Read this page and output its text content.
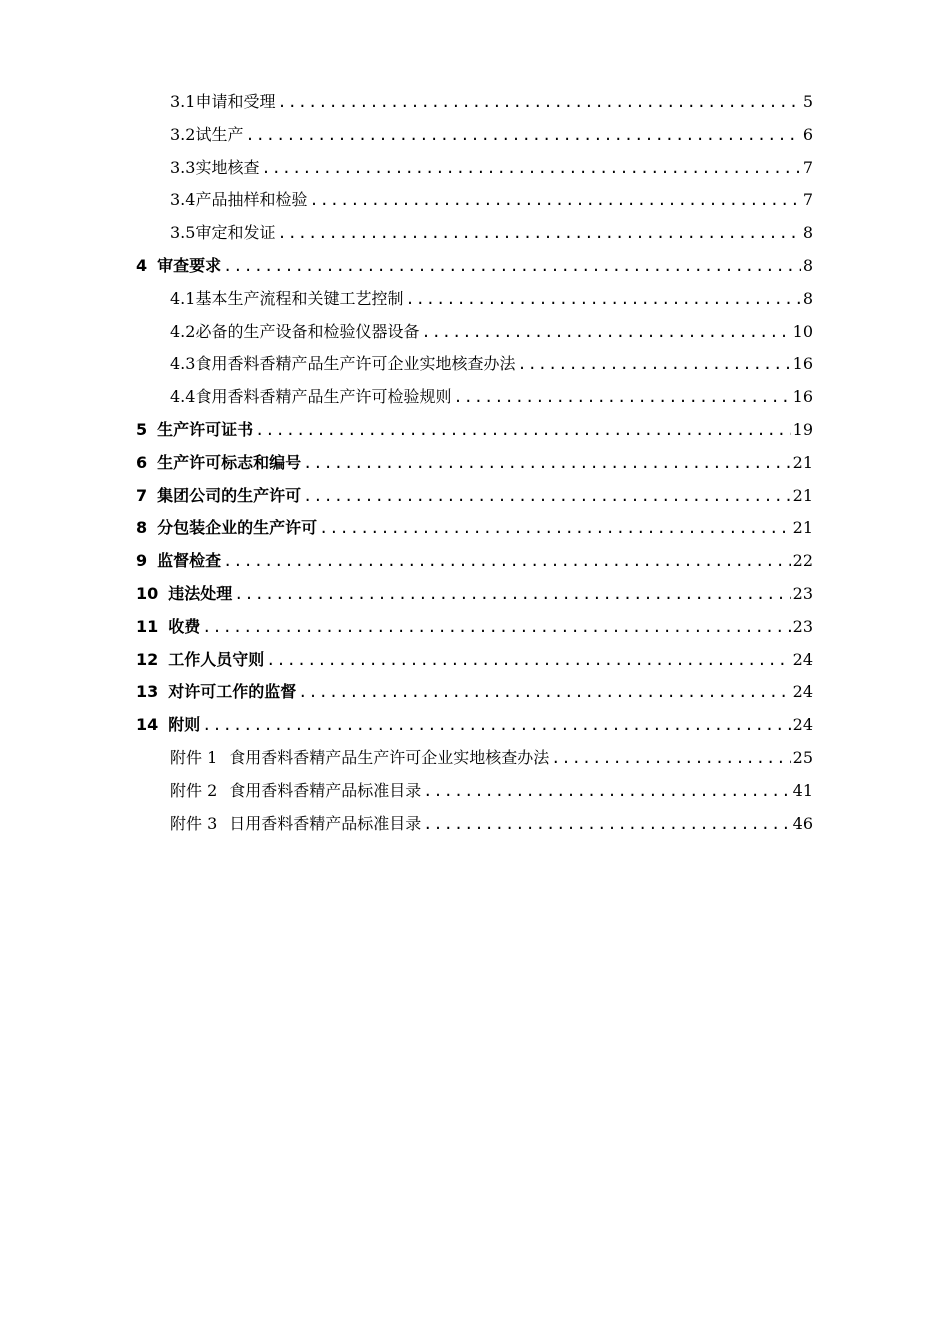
3.1 申请和受理 .....	5
3.2 试生产 .....	6
3.3 实地核查 .....	7
3.4 产品抽样和检验 .....	7
3.5 审定和发证 .....	8
4 审查要求 .....	8
4.1 基本生产流程和关键工艺控制 .....	8
4.2 必备的生产设备和检验仪器设备 .....	10
4.3 食用香料香精产品生产许可企业实地核查办法 .....	16
4.4 食用香料香精产品生产许可检验规则 .....	16
5 生产许可证书 .....	19
6 生产许可标志和编号 .....	21
7 集团公司的生产许可 .....	21
8 分包装企业的生产许可 .....	21
9 监督检查 .....	22
10 违法处理 .....	23
11 收费 .....	23
12 工作人员守则 .....	24
13 对许可工作的监督 .....	24
14 附则 .....	24
附件 1 食用香料香精产品生产许可企业实地核查办法 .....	25
附件 2 食用香料香精产品标准目录 .....	41
附件 3 日用香料香精产品标准目录 .....	46
